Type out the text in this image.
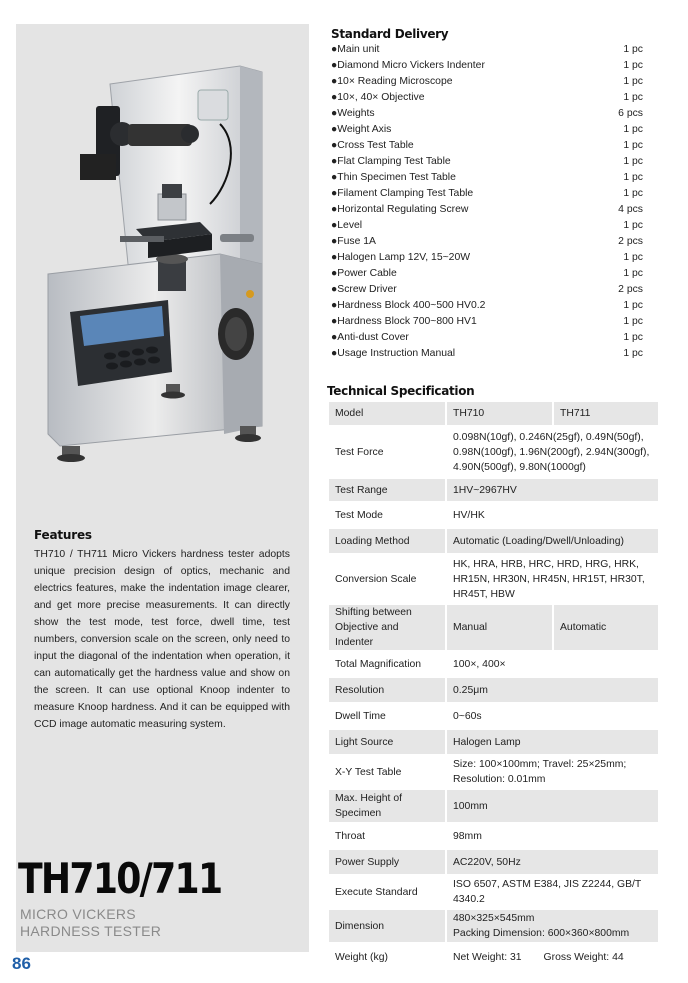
Features
TH710 / TH711 Micro Vickers hardness tester adopts unique precision design of optics, mechanic and electrics features, make the indentation image clearer, and get more precise measurements. It can directly show the test mode, test force, dwell time, test numbers, conversion scale on the screen, only need to input the diagonal of the indentation when operation, it can automatically get the hardness value and show on the screen. It can use optional Knoop indenter to measure Knoop hardness. And it can be equipped with CCD image automatic measuring system.
TH710/711
MICRO VICKERS
HARDNESS TESTER
86
Standard Delivery
●Main unit	1 pc
●Diamond Micro Vickers Indenter	1 pc
●10× Reading Microscope	1 pc
●10×, 40× Objective	1 pc
●Weights	6 pcs
●Weight Axis	1 pc
●Cross Test Table	1 pc
●Flat Clamping Test Table	1 pc
●Thin Specimen Test Table	1 pc
●Filament Clamping Test Table	1 pc
●Horizontal Regulating Screw	4 pcs
●Level	1 pc
●Fuse 1A	2 pcs
●Halogen Lamp 12V, 15~20W	1 pc
●Power Cable	1 pc
●Screw Driver	2 pcs
●Hardness Block 400~500 HV0.2	1 pc
●Hardness Block 700~800 HV1	1 pc
●Anti-dust Cover	1 pc
●Usage Instruction Manual	1 pc
Technical Specification
Model	TH710	TH711
Test Force	0.098N(10gf), 0.246N(25gf), 0.49N(50gf), 0.98N(100gf), 1.96N(200gf), 2.94N(300gf), 4.90N(500gf), 9.80N(1000gf)	
Test Range	1HV~2967HV	
Test Mode	HV/HK	
Loading Method	Automatic (Loading/Dwell/Unloading)	
Conversion Scale	HK, HRA, HRB, HRC, HRD, HRG, HRK, HR15N, HR30N, HR45N, HR15T, HR30T, HR45T, HBW	
Shifting between Objective and Indenter	Manual	Automatic
Total Magnification	100×, 400×	
Resolution	0.25μm	
Dwell Time	0~60s	
Light Source	Halogen Lamp	
X-Y Test Table	Size: 100×100mm; Travel: 25×25mm; Resolution: 0.01mm	
Max. Height of Specimen	100mm	
Throat	98mm	
Power Supply	AC220V, 50Hz	
Execute Standard	ISO 6507, ASTM E384, JIS Z2244, GB/T 4340.2	
Dimension	480×325×545mm
Packing Dimension: 600×360×800mm	

Weight (kg)	Net Weight: 31 Gross Weight: 44	
